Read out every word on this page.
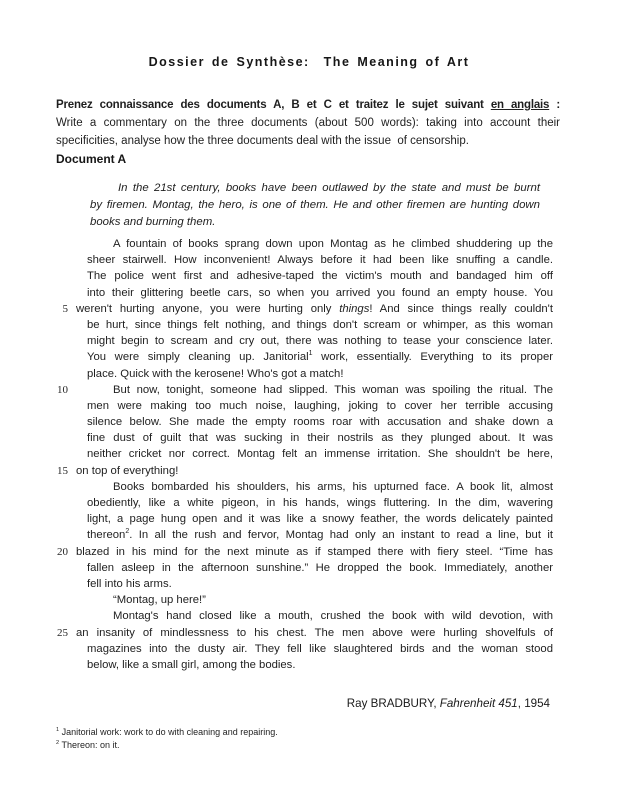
Dossier de Synthèse:  The Meaning of Art
Prenez connaissance des documents A, B et C et traitez le sujet suivant en anglais :
Write a commentary on the three documents (about 500 words): taking into account their
specificities, analyse how the three documents deal with the issue  of censorship.
Document A
In the 21st century, books have been outlawed by the state and must be burnt
by firemen. Montag, the hero, is one of them. He and other firemen are hunting down
books and burning them.
A fountain of books sprang down upon Montag as he climbed shuddering up the
sheer stairwell. How inconvenient! Always before it had been like snuffing a candle.
The police went first and adhesive-taped the victim's mouth and bandaged him off
into their glittering beetle cars, so when you arrived you found an empty house. You
5 weren't hurting anyone, you were hurting only things! And since things really couldn't
be hurt, since things felt nothing, and things don't scream or whimper, as this woman
might begin to scream and cry out, there was nothing to tease your conscience later.
You were simply cleaning up. Janitorial$^1$ work, essentially. Everything to its proper
place. Quick with the kerosene! Who's got a match!
10	But now, tonight, someone had slipped. This woman was spoiling the ritual. The
men were making too much noise, laughing, joking to cover her terrible accusing
silence below. She made the empty rooms roar with accusation and shake down a
fine dust of guilt that was sucking in their nostrils as they plunged about. It was
neither cricket nor correct. Montag felt an immense irritation. She shouldn't be here,
15 on top of everything!
Books bombarded his shoulders, his arms, his upturned face. A book lit, almost
obediently, like a white pigeon, in his hands, wings fluttering. In the dim, wavering
light, a page hung open and it was like a snowy feather, the words delicately painted
thereon$^2$. In all the rush and fervor, Montag had only an instant to read a line, but it
20 blazed in his mind for the next minute as if stamped there with fiery steel. “Time has
fallen asleep in the afternoon sunshine.” He dropped the book. Immediately, another
fell into his arms.
“Montag, up here!”
Montag's hand closed like a mouth, crushed the book with wild devotion, with
25 an insanity of mindlessness to his chest. The men above were hurling shovelfuls of
magazines into the dusty air. They fell like slaughtered birds and the woman stood
below, like a small girl, among the bodies.
Ray BRADBURY, Fahrenheit 451, 1954
$^1$ Janitorial work: work to do with cleaning and repairing.
$^2$ Thereon: on it.
